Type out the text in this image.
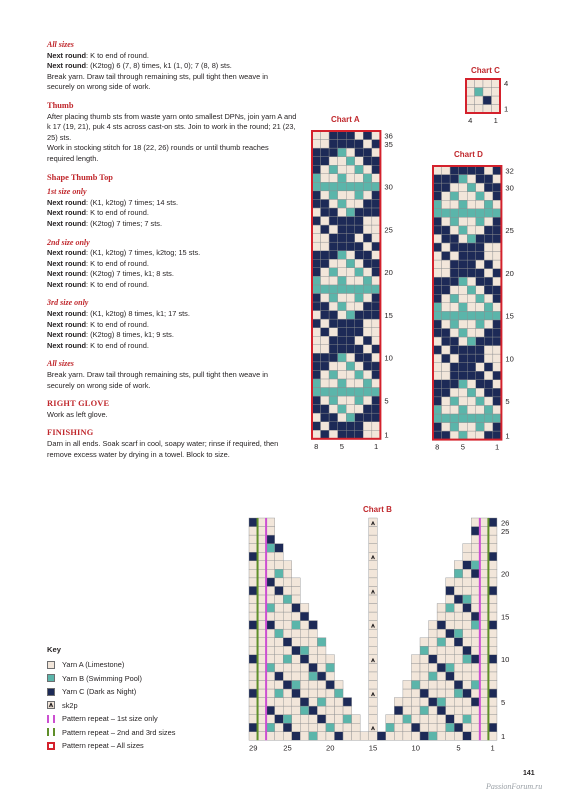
All sizes

Next round: K to end of round.

Next round: (K2tog) 6 (7, 8) times, k1 (1, 0); 7 (8, 8) sts.

Break yarn. Draw tail through remaining sts, pull tight then weave in securely on wrong side of work.

Thumb

After placing thumb sts from waste yarn onto smallest DPNs, join yarn A and k 17 (19, 21), puk 4 sts across cast-on sts. Join to work in the round; 21 (23, 25) sts.

Work in stocking stitch for 18 (22, 26) rounds or until thumb reaches required length.

Shape Thumb Top

1st size only

Next round: (K1, k2tog) 7 times; 14 sts.

Next round: K to end of round.

Next round: (K2tog) 7 times; 7 sts.

2nd size only

Next round: (K1, k2tog) 7 times, k2tog; 15 sts.

Next round: K to end of round.

Next round: (K2tog) 7 times, k1; 8 sts.

Next round: K to end of round.

3rd size only

Next round: (K1, k2tog) 8 times, k1; 17 sts.

Next round: K to end of round.

Next round: (K2tog) 8 times, k1; 9 sts.

Next round: K to end of round.

All sizes

Break yarn. Draw tail through remaining sts, pull tight then weave in securely on wrong side of work.

RIGHT GLOVE

Work as left glove.

FINISHING

Darn in all ends. Soak scarf in cool, soapy water; rinse if required, then remove excess water by drying in a towel. Block to size.

Chart C
Chart A
Chart D
Chart B
36
35
30
25
20
15
10
5
1
8	5	1
32
30
25
20
15
10
5
1
8	5	1
4
1
4	1
⩚
⩚
⩚
⩚
⩚
⩚
⩚	26
25
20
15
10
5
1
29	25	20	15	10	5	1
Key
Yarn A (Limestone)
Yarn B (Swimming Pool)
Yarn C (Dark as Night)
⩚ sk2p
Pattern repeat – 1st size only
Pattern repeat – 2nd and 3rd sizes
Pattern repeat – All sizes
141
PassionForum.ru
